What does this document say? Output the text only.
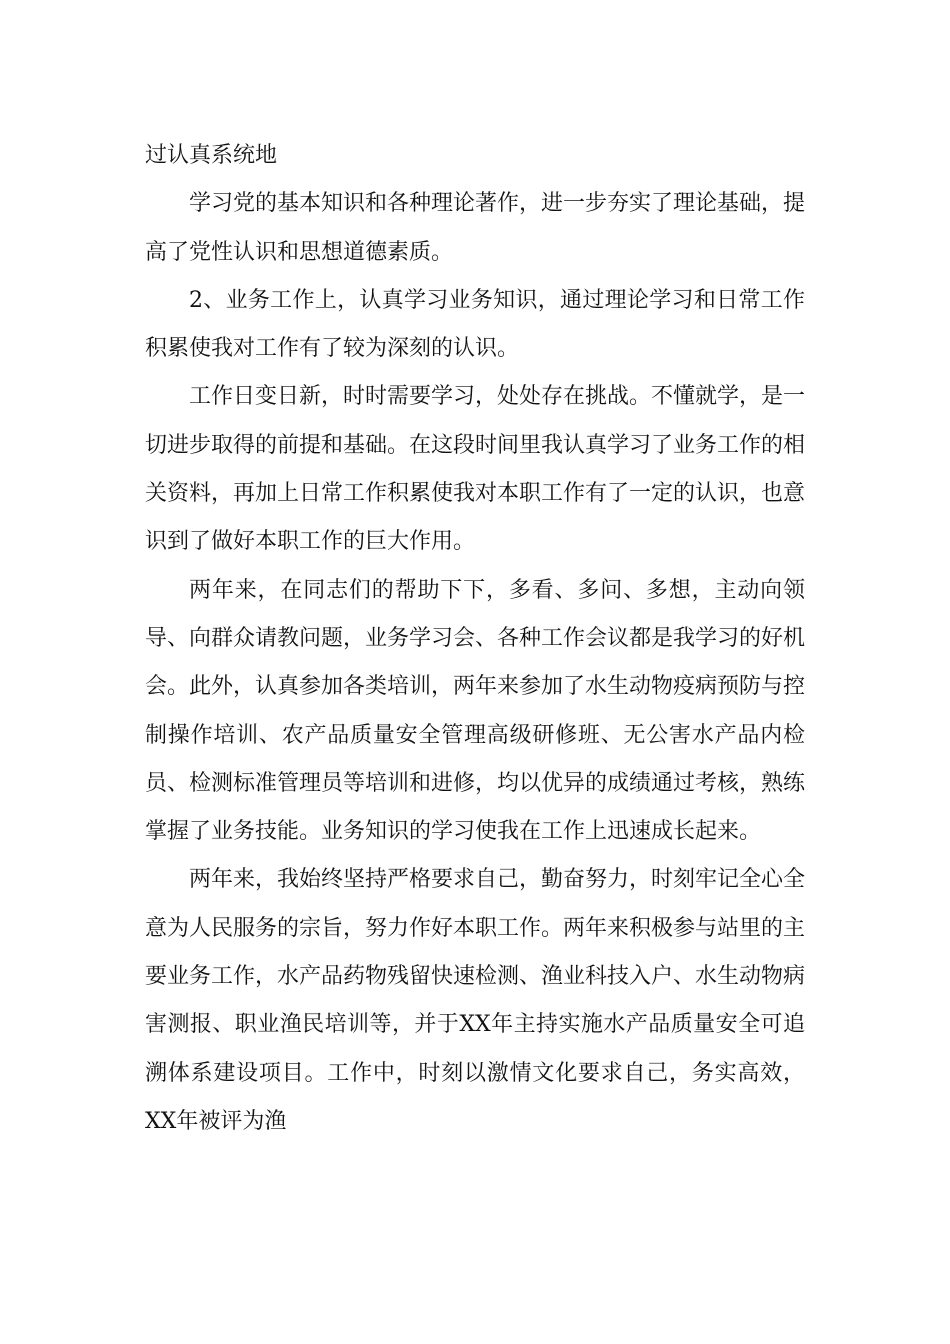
过认真系统地

学习党的基本知识和各种理论著作，进一步夯实了理论基础，提高了党性认识和思想道德素质。

2、业务工作上，认真学习业务知识，通过理论学习和日常工作积累使我对工作有了较为深刻的认识。

工作日变日新，时时需要学习，处处存在挑战。不懂就学，是一切进步取得的前提和基础。在这段时间里我认真学习了业务工作的相关资料，再加上日常工作积累使我对本职工作有了一定的认识，也意识到了做好本职工作的巨大作用。

两年来，在同志们的帮助下下，多看、多问、多想，主动向领导、向群众请教问题，业务学习会、各种工作会议都是我学习的好机会。此外，认真参加各类培训，两年来参加了水生动物疫病预防与控制操作培训、农产品质量安全管理高级研修班、无公害水产品内检员、检测标准管理员等培训和进修，均以优异的成绩通过考核，熟练掌握了业务技能。业务知识的学习使我在工作上迅速成长起来。

两年来，我始终坚持严格要求自己，勤奋努力，时刻牢记全心全意为人民服务的宗旨，努力作好本职工作。两年来积极参与站里的主要业务工作，水产品药物残留快速检测、渔业科技入户、水生动物病害测报、职业渔民培训等，并于XX年主持实施水产品质量安全可追溯体系建设项目。工作中，时刻以激情文化要求自己，务实高效，XX年被评为渔
